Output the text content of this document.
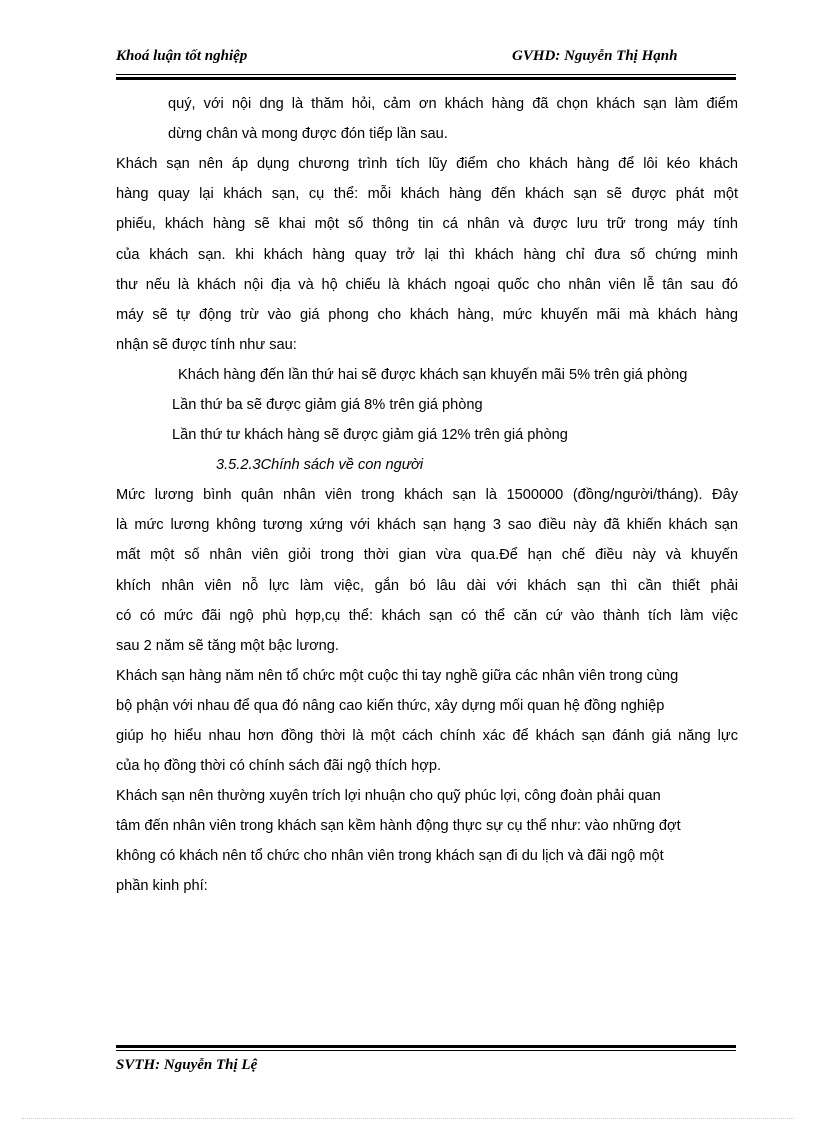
Khoá luận tốt nghiệp	GVHD: Nguyễn Thị Hạnh
quý, với nội dng là thăm hỏi, cảm ơn khách hàng đã chọn khách sạn làm điểm
dừng chân và mong được đón tiếp lần sau.
Khách sạn nên áp dụng chương trình tích lũy điểm cho khách hàng để lôi kéo khách
hàng quay lại khách sạn, cụ thể: mỗi khách hàng đến khách sạn sẽ được phát một
phiếu, khách hàng sẽ khai một số thông tin cá nhân và được lưu trữ trong máy tính
của khách sạn. khi khách hàng quay trở lại thì khách hàng chỉ đưa số chứng minh
thư nếu là khách nội địa và hộ chiếu là khách ngoại quốc cho nhân viên lễ tân sau đó
máy sẽ tự động trừ vào giá phong cho khách hàng, mức khuyến mãi mà khách hàng
nhận sẽ được tính như sau:
Khách hàng đến lần thứ hai sẽ được khách sạn khuyến mãi 5% trên giá phòng
Lần thứ ba sẽ được giảm giá 8% trên giá phòng
Lần thứ tư khách hàng sẽ được giảm giá 12% trên giá phòng
3.5.2.3Chính sách về con người
Mức lương bình quân nhân viên trong khách sạn là 1500000 (đồng/người/tháng). Đây
là mức lương không tương xứng với khách sạn hạng 3 sao điều này đã khiến khách sạn
mất một số nhân viên giỏi trong thời gian vừa qua.Để hạn chế điều này và khuyến
khích nhân viên nỗ lực làm việc, gắn bó lâu dài với khách sạn thì cần thiết phải
có có mức đãi ngộ phù hợp,cụ thể: khách sạn có thể căn cứ vào thành tích làm việc
sau 2 năm sẽ tăng một bậc lương.
Khách sạn hàng năm nên tổ chức một cuộc thi tay nghề giữa các nhân viên trong cùng
bộ phận với nhau để qua đó nâng cao kiến thức, xây dựng mối quan hệ đồng nghiệp
giúp họ hiểu nhau hơn đồng thời là một cách chính xác để khách sạn đánh giá năng lực
của họ đồng thời có chính sách đãi ngộ thích hợp.
Khách sạn nên thường xuyên trích lợi nhuận cho quỹ phúc lợi, công đoàn phải quan
tâm đến nhân viên trong khách sạn kềm hành động thực sự cụ thể như: vào những đợt
không có khách nên tổ chức cho nhân viên trong khách sạn đi du lịch và đãi ngộ một
phần kinh phí:
SVTH: Nguyễn Thị Lệ
